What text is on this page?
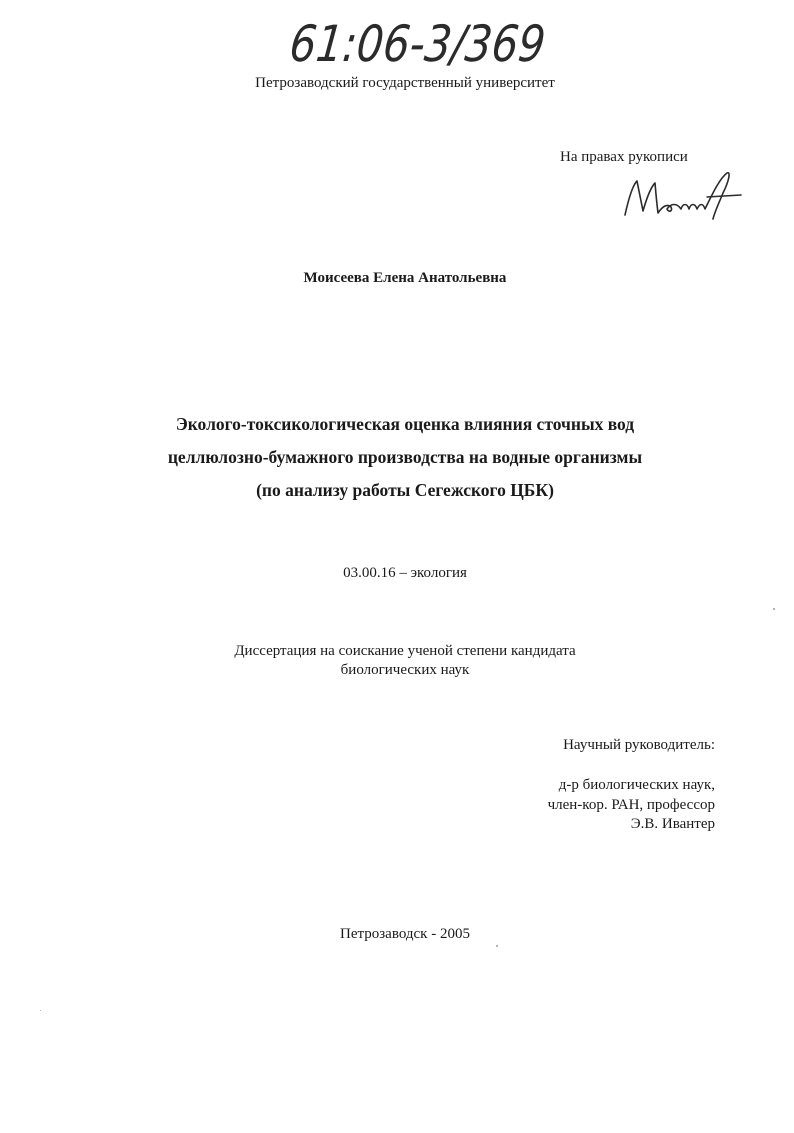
61:06-3/369
Петрозаводский государственный университет
На правах рукописи
Моисеева Елена Анатольевна
Эколого-токсикологическая оценка влияния сточных вод
целлюлозно-бумажного производства на водные организмы
(по анализу работы Сегежского ЦБК)
03.00.16 – экология
Диссертация на соискание ученой степени кандидата
биологических наук
Научный руководитель:
д-р биологических наук,
член-кор. РАН, профессор
Э.В. Ивантер
Петрозаводск - 2005
